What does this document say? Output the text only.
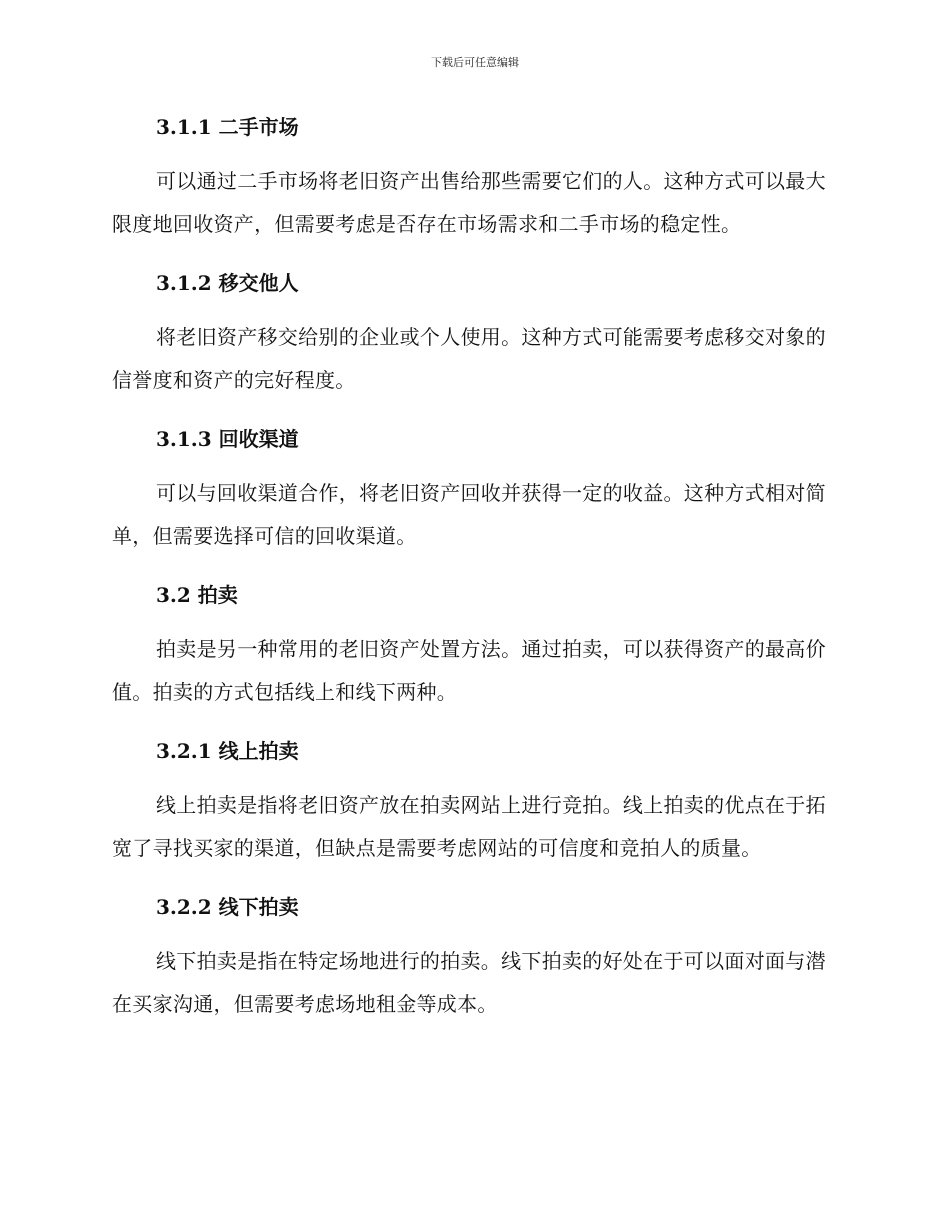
下载后可任意编辑
3.1.1 二手市场
可以通过二手市场将老旧资产出售给那些需要它们的人。这种方式可以最大限度地回收资产，但需要考虑是否存在市场需求和二手市场的稳定性。
3.1.2 移交他人
将老旧资产移交给别的企业或个人使用。这种方式可能需要考虑移交对象的信誉度和资产的完好程度。
3.1.3 回收渠道
可以与回收渠道合作，将老旧资产回收并获得一定的收益。这种方式相对简单，但需要选择可信的回收渠道。
3.2 拍卖
拍卖是另一种常用的老旧资产处置方法。通过拍卖，可以获得资产的最高价值。拍卖的方式包括线上和线下两种。
3.2.1 线上拍卖
线上拍卖是指将老旧资产放在拍卖网站上进行竞拍。线上拍卖的优点在于拓宽了寻找买家的渠道，但缺点是需要考虑网站的可信度和竞拍人的质量。
3.2.2 线下拍卖
线下拍卖是指在特定场地进行的拍卖。线下拍卖的好处在于可以面对面与潜在买家沟通，但需要考虑场地租金等成本。
